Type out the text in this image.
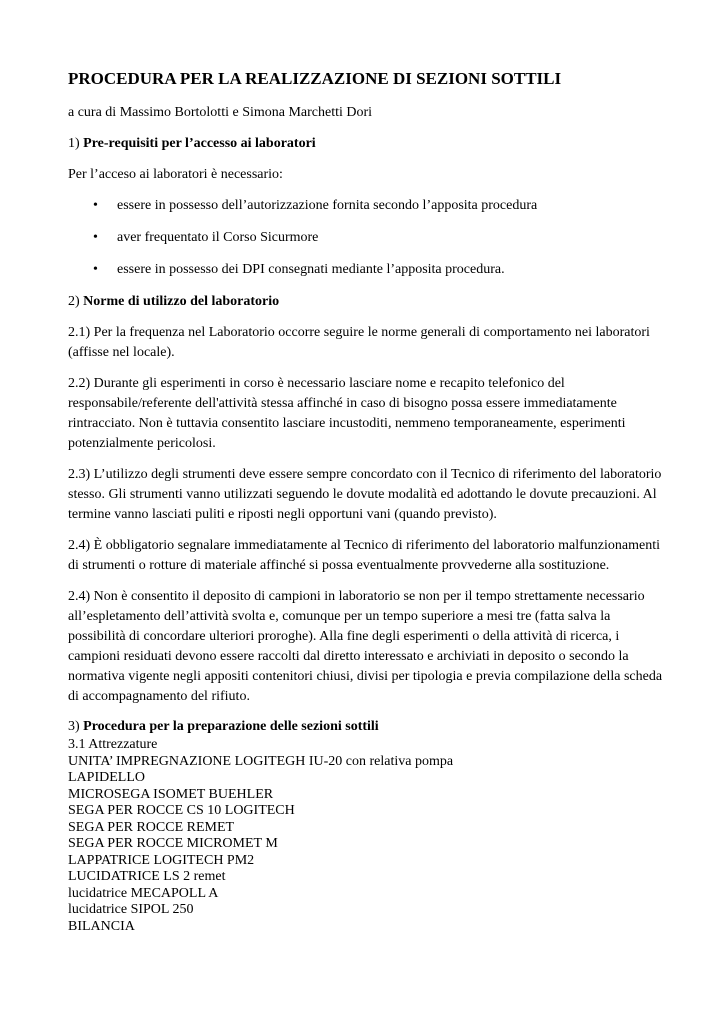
PROCEDURA PER LA REALIZZAZIONE DI SEZIONI SOTTILI

a cura di Massimo Bortolotti e Simona Marchetti Dori

1) Pre-requisiti per l’accesso ai laboratori

Per l’acceso ai laboratori è necessario:

• essere in possesso dell’autorizzazione fornita secondo l’apposita procedura
• aver frequentato il Corso Sicurmore
• essere in possesso dei DPI consegnati mediante l’apposita procedura.

2) Norme di utilizzo del laboratorio

2.1) Per la frequenza nel Laboratorio occorre seguire le norme generali di comportamento nei laboratori (affisse nel locale).

2.2) Durante gli esperimenti in corso è necessario lasciare nome e recapito telefonico del responsabile/referente dell'attività stessa affinché in caso di bisogno possa essere immediatamente rintracciato. Non è tuttavia consentito lasciare incustoditi, nemmeno temporaneamente, esperimenti potenzialmente pericolosi.

2.3) L’utilizzo degli strumenti deve essere sempre concordato con il Tecnico di riferimento del laboratorio stesso. Gli strumenti vanno utilizzati seguendo le dovute modalità ed adottando le dovute precauzioni. Al termine vanno lasciati puliti e riposti negli opportuni vani (quando previsto).

2.4) È obbligatorio segnalare immediatamente al Tecnico di riferimento del laboratorio malfunzionamenti di strumenti o rotture di materiale affinché si possa eventualmente provvederne alla sostituzione.

2.4) Non è consentito il deposito di campioni in laboratorio se non per il tempo strettamente necessario all’espletamento dell’attività svolta e, comunque per un tempo superiore a mesi tre (fatta salva la possibilità di concordare ulteriori proroghe). Alla fine degli esperimenti o della attività di ricerca, i campioni residuati devono essere raccolti dal diretto interessato e archiviati in deposito o secondo la normativa vigente negli appositi contenitori chiusi, divisi per tipologia e previa compilazione della scheda di accompagnamento del rifiuto.

3) Procedura per la preparazione delle sezioni sottili

3.1 Attrezzature
UNITA’ IMPREGNAZIONE LOGITEGH IU-20 con relativa pompa
LAPIDELLO
MICROSEGA ISOMET BUEHLER
SEGA PER ROCCE CS 10 LOGITECH
SEGA PER ROCCE REMET
SEGA PER ROCCE MICROMET M
LAPPATRICE LOGITECH PM2
LUCIDATRICE LS 2 remet
lucidatrice MECAPOLL A
lucidatrice SIPOL 250
BILANCIA
